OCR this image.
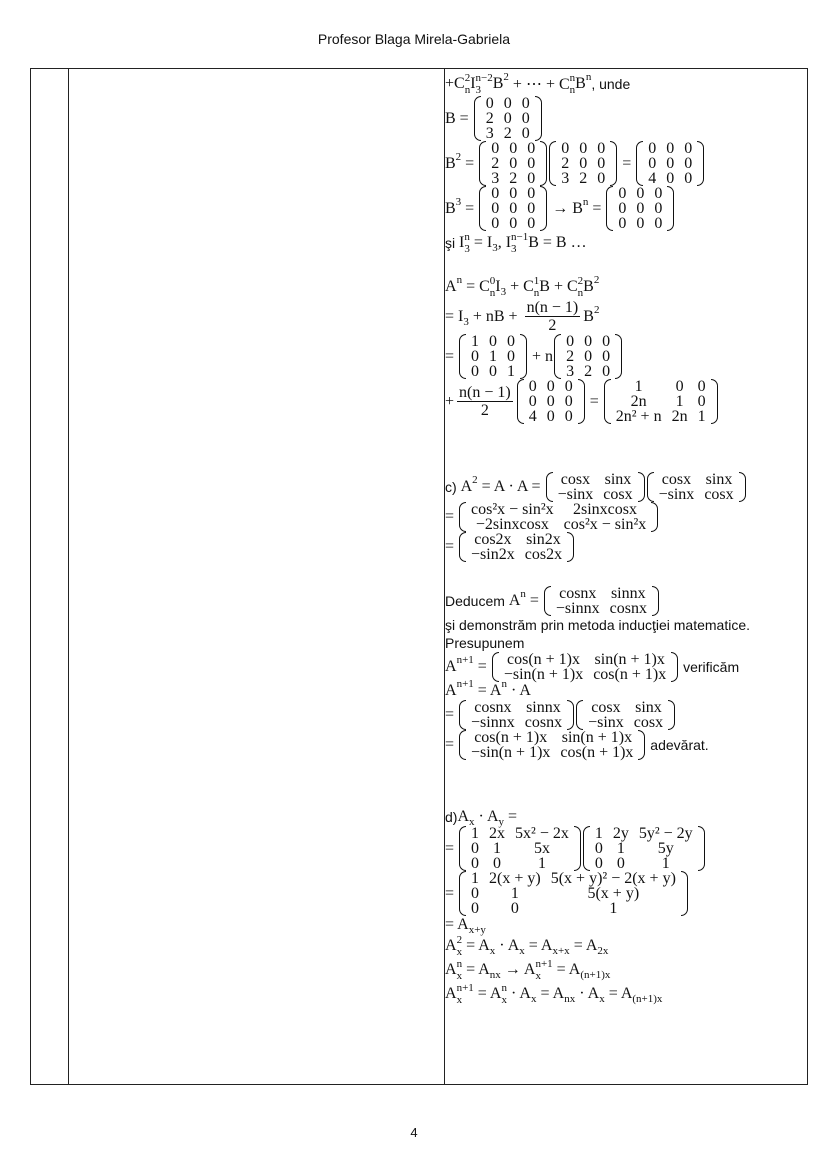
Profesor Blaga Mirela-Gabriela
+C 2
n I n−2
3 B 2 + ⋯ + C n
n B n , unde
B =
0	0	0
2	0	0
3	2	0
B 2 =
0	0	0
2	0	0
3	2	0
0	0	0
2	0	0
3	2	0
=
0	0	0
0	0	0
4	0	0
B 3 =
0	0	0
0	0	0
0	0	0
→ B n =
0	0	0
0	0	0
0	0	0
şi I n
3 = I 3 , I n−1
3 B = B …
A n = C 0
n I 3 + C 1
n B + C 2
n B 2
= I 3 + nB + $\frac{n(n - 1)}{2}$ B 2
=
1	0	0
0	1	0
0	0	1
+ n
0	0	0
2	0	0
3	2	0
+ $\frac{n(n - 1)}{2} 0$	0	0
0	0	0
4	0	0
=
1	0	0
2n	1	0
2n² + n	2n	1
c) A 2 = A · A = cosx	sinx
−sinx	cosx
cosx	sinx
−sinx	cosx
= cos²x − sin²x	2sinxcosx
−2sinxcosx	cos²x − sin²x
= cos2x	sin2x
−sin2x	cos2x
Deducem A n = cosnx	sinnx
−sinnx	cosnx
şi demonstrăm prin metoda inducţiei matematice.
Presupunem
A n+1 = cos(n + 1)x	sin(n + 1)x
−sin(n + 1)x	cos(n + 1)x verificăm
A n+1 = A n · A
= cosnx	sinnx
−sinnx	cosnx
cosx	sinx
−sinx	cosx
= cos(n + 1)x	sin(n + 1)x
−sin(n + 1)x	cos(n + 1)x adevărat.
d) A x · A y =
=
1	2x	5x² − 2x
0	1	5x
0	0	1
1	2y	5y² − 2y
0	1	5y
0	0	1
=
1	2(x + y)	5(x + y)² − 2(x + y)
0	1	5(x + y)
0	0	1
= A x+y
A 2
x = A x · A x = A x+x = A 2x
A n
x = A nx → A n+1
x = A (n+1)x
A n+1
x = A n
x · A x = A nx · A x = A (n+1)x
4
